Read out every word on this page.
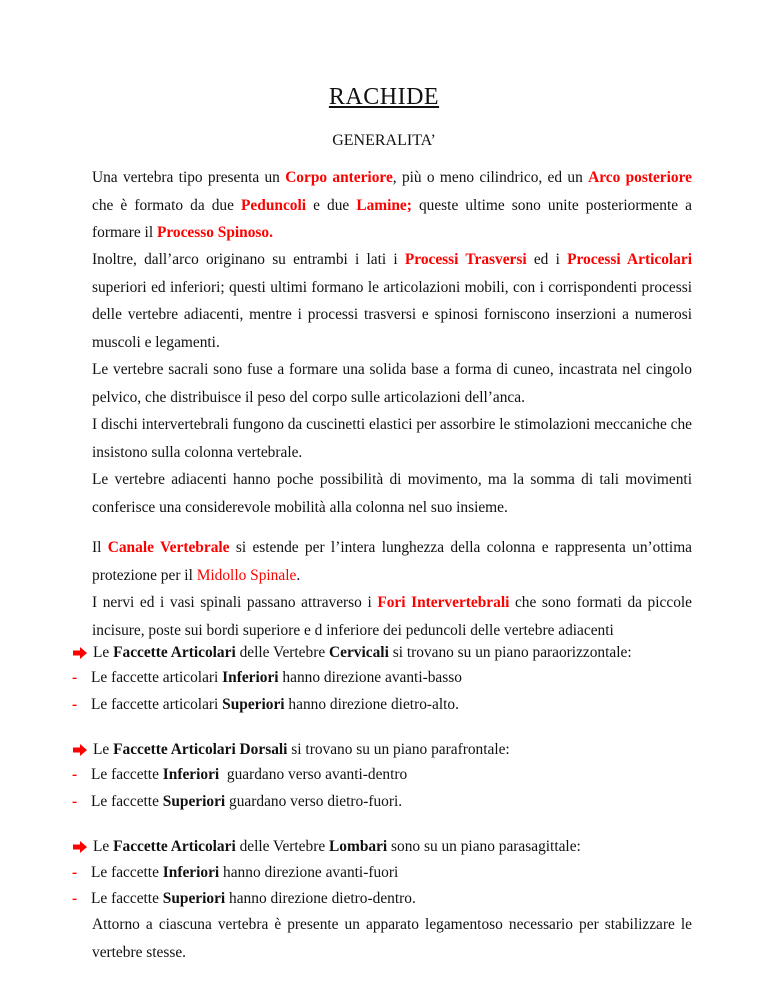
RACHIDE
GENERALITA’
Una vertebra tipo presenta un Corpo anteriore, più o meno cilindrico, ed un Arco posteriore che è formato da due Peduncoli e due Lamine; queste ultime sono unite posteriormente a formare il Processo Spinoso.
Inoltre, dall’arco originano su entrambi i lati i Processi Trasversi ed i Processi Articolari superiori ed inferiori; questi ultimi formano le articolazioni mobili, con i corrispondenti processi delle vertebre adiacenti, mentre i processi trasversi e spinosi forniscono inserzioni a numerosi muscoli e legamenti.
Le vertebre sacrali sono fuse a formare una solida base a forma di cuneo, incastrata nel cingolo pelvico, che distribuisce il peso del corpo sulle articolazioni dell’anca.
I dischi intervertebrali fungono da cuscinetti elastici per assorbire le stimolazioni meccaniche che insistono sulla colonna vertebrale.
Le vertebre adiacenti hanno poche possibilità di movimento, ma la somma di tali movimenti conferisce una considerevole mobilità alla colonna nel suo insieme.
Il Canale Vertebrale si estende per l’intera lunghezza della colonna e rappresenta un’ottima protezione per il Midollo Spinale.
I nervi ed i vasi spinali passano attraverso i Fori Intervertebrali che sono formati da piccole incisure, poste sui bordi superiore e d inferiore dei peduncoli delle vertebre adiacenti
Le Faccette Articolari delle Vertebre Cervicali si trovano su un piano paraorizzontale:
- Le faccette articolari Inferiori hanno direzione avanti-basso
- Le faccette articolari Superiori hanno direzione dietro-alto.
Le Faccette Articolari Dorsali si trovano su un piano parafrontale:
- Le faccette Inferiori  guardano verso avanti-dentro
- Le faccette Superiori guardano verso dietro-fuori.
Le Faccette Articolari delle Vertebre Lombari sono su un piano parasagittale:
- Le faccette Inferiori hanno direzione avanti-fuori
- Le faccette Superiori hanno direzione dietro-dentro.
Attorno a ciascuna vertebra è presente un apparato legamentoso necessario per stabilizzare le vertebre stesse.
